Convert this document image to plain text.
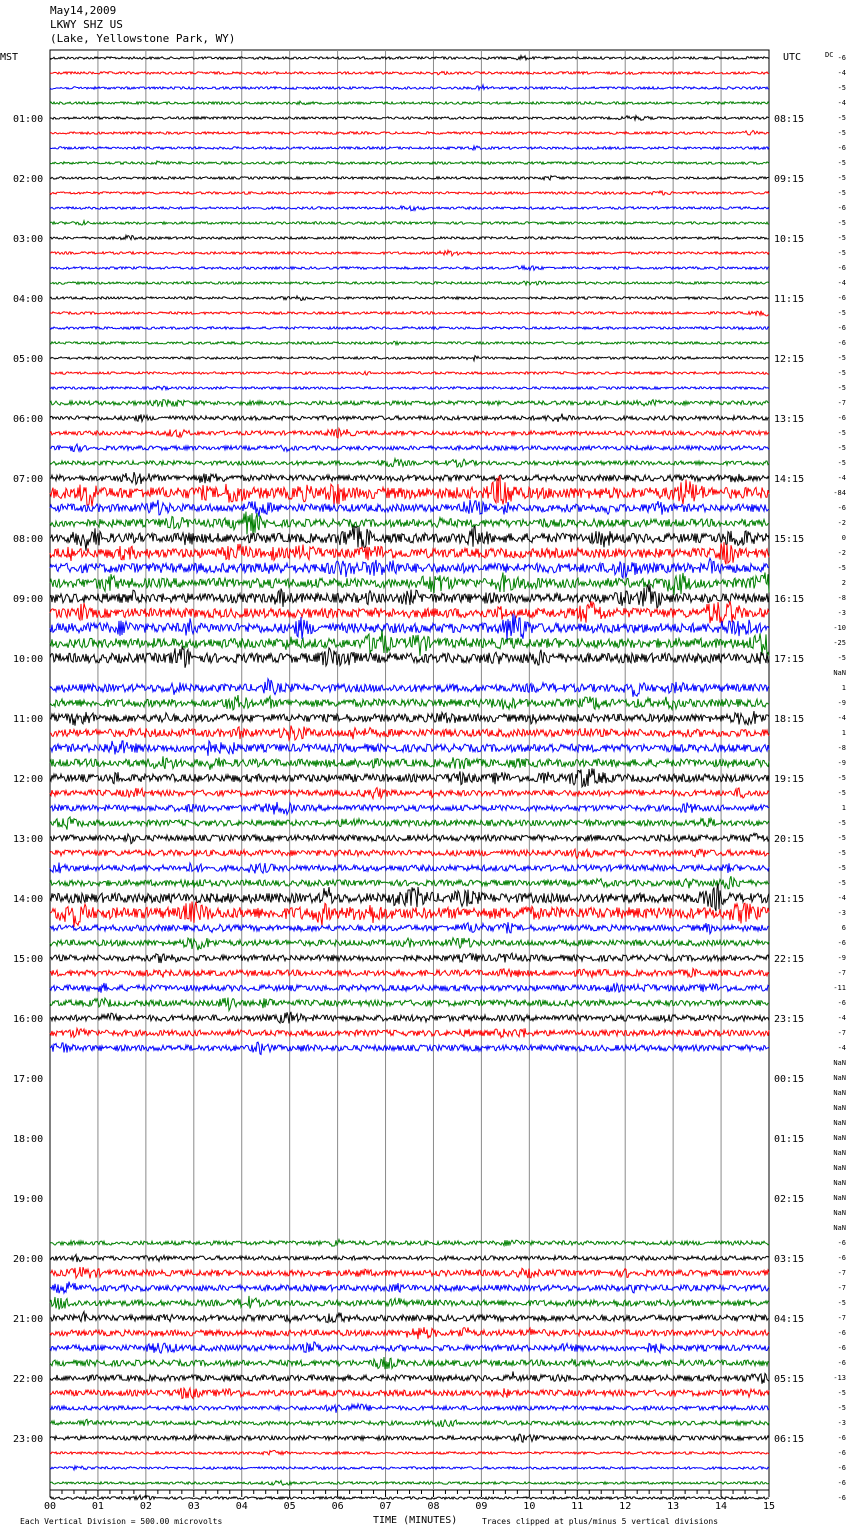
May14,2009
LKWY SHZ US
(Lake, Yellowstone Park, WY)
MST	UTC	DC
01:00
02:00
03:00
04:00
05:00
06:00
07:00
08:00
09:00
10:00
11:00
12:00
13:00
14:00
15:00
16:00
17:00
18:00
19:00
20:00
21:00
22:00
23:00
08:15
09:15
10:15
11:15
12:15
13:15
14:15
15:15
16:15
17:15
18:15
19:15
20:15
21:15
22:15
23:15
00:15
01:15
02:15
03:15
04:15
05:15
06:15
-6
-4
-5
-4
-5
-5
-6
-5
-5
-5
-6
-5
-5
-5
-6
-4
-6
-5
-6
-6
-5
-5
-5
-7
-6
-5
-5
-5
-4
-84
-6
-2
0
-2
-5
2
-8
-3
-10
-25
-5
NaN
1
-9
-4
1
-8
-9
-5
-5
1
-5
-5
-5
-5
-5
-4
-3
6
-6
-9
-7
-11
-6
-4
-7
-4
NaN
NaN
NaN
NaN
NaN
NaN
NaN
NaN
NaN
NaN
NaN
NaN
-6
-6
-7
-7
-5
-7
-6
-6
-6
-13
-5
-5
-3
-6
-6
-6
-6
-6
00	01	02	03	04	05	06	07	08	09	10	11	12	13	14	15
Each Vertical Division = 500.00 microvolts	TIME (MINUTES)	Traces clipped at plus/minus 5 vertical divisions
